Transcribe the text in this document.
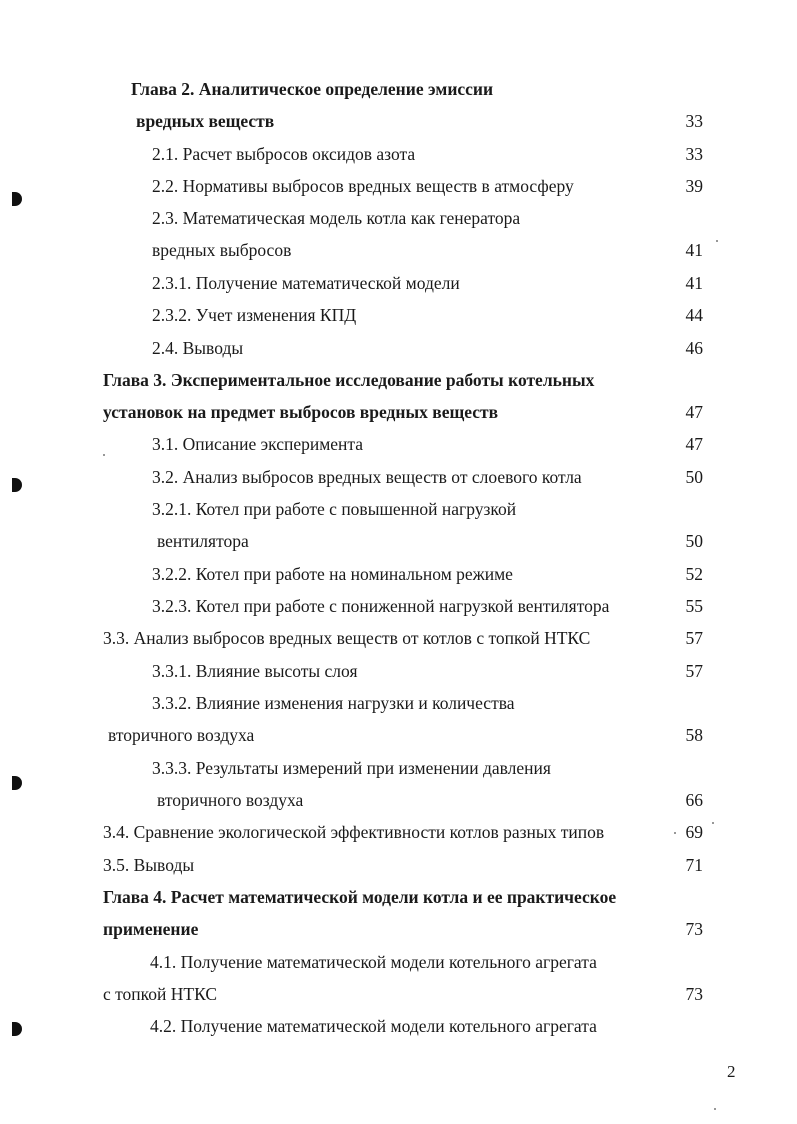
Глава 2. Аналитическое определение эмиссии
вредных веществ	33
2.1. Расчет выбросов оксидов азота	33
2.2. Нормативы выбросов вредных веществ в атмосферу	39
2.3. Математическая модель котла как генератора
вредных выбросов	41
2.3.1. Получение математической модели	41
2.3.2. Учет изменения КПД	44
2.4. Выводы	46
Глава 3. Экспериментальное исследование работы котельных
установок на предмет выбросов вредных веществ	47
3.1. Описание эксперимента	47
3.2. Анализ выбросов вредных веществ от слоевого котла	50
3.2.1. Котел при работе с повышенной нагрузкой
вентилятора	50
3.2.2. Котел при работе на номинальном режиме	52
3.2.3. Котел при работе с пониженной нагрузкой вентилятора	55
3.3. Анализ выбросов вредных веществ от котлов с топкой НТКС	57
3.3.1. Влияние высоты слоя	57
3.3.2. Влияние изменения нагрузки и количества
вторичного воздуха	58
3.3.3. Результаты измерений при изменении давления
вторичного воздуха	66
3.4. Сравнение экологической эффективности котлов разных типов	69
3.5. Выводы	71
Глава 4. Расчет математической модели котла и ее практическое
применение	73
4.1. Получение математической модели котельного агрегата
с топкой НТКС	73
4.2. Получение математической модели котельного агрегата
2
